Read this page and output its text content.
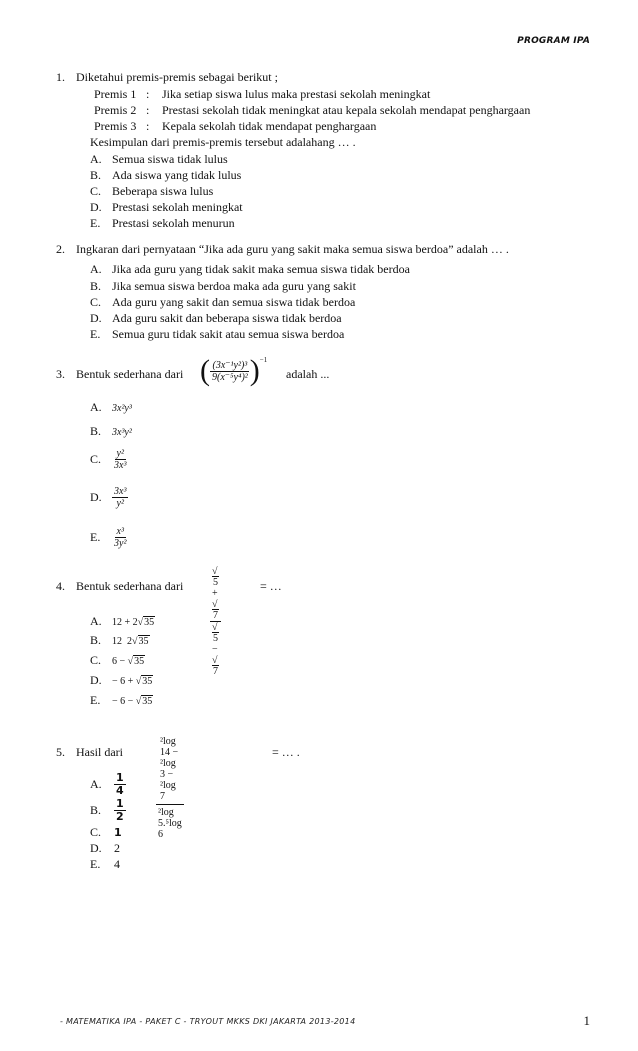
PROGRAM IPA
1. Diketahui premis-premis sebagai berikut ;
Premis 1 : Jika setiap siswa lulus maka prestasi sekolah meningkat
Premis 2 : Prestasi sekolah tidak meningkat atau kepala sekolah mendapat penghargaan
Premis 3 : Kepala sekolah tidak mendapat penghargaan
Kesimpulan dari premis-premis tersebut adalahang … .
A. Semua siswa tidak lulus
B. Ada siswa yang tidak lulus
C. Beberapa siswa lulus
D. Prestasi sekolah meningkat
E. Prestasi sekolah menurun
2. Ingkaran dari pernyataan “Jika ada guru yang sakit maka semua siswa berdoa” adalah … .
A. Jika ada guru yang tidak sakit maka semua siswa tidak berdoa
B. Jika semua siswa berdoa maka ada guru yang sakit
C. Ada guru yang sakit dan semua siswa tidak berdoa
D. Ada guru sakit dan beberapa siswa tidak berdoa
E. Semua guru tidak sakit atau semua siswa berdoa
3. Bentuk sederhana dari ( $\frac{\text{(3x⁻¹y²)³}}{\text{9(x⁻⁵y⁴)²}}$ ) −1
adalah ...
A. 3x²y³
B. 3x³y²
C.	$\frac{\text{y²}}{\text{3x³}}$
D.	$\frac{\text{3x³}}{\text{y²}}$
E.	$\frac{\text{x³}}{\text{3y²}}$
4. Bentuk sederhana dari	$\frac{√5 + √7}{√5 - √7}$	= …
A. 12 + 2√35
B. 12 2√35
C. 6 − √35
D. − 6 + √35
E. − 6 − √35
5. Hasil dari	$\frac{\text{²log 14 − ²log 3 − ²log 7}}{\text{²log 5.⁵log 6}}$	= … .
A.	$\frac{1}{4}$
B.	$\frac{1}{2}$
C. 1
D. 2
E. 4
- MATEMATIKA IPA - PAKET C - TRYOUT MKKS DKI JAKARTA 2013-2014	1
